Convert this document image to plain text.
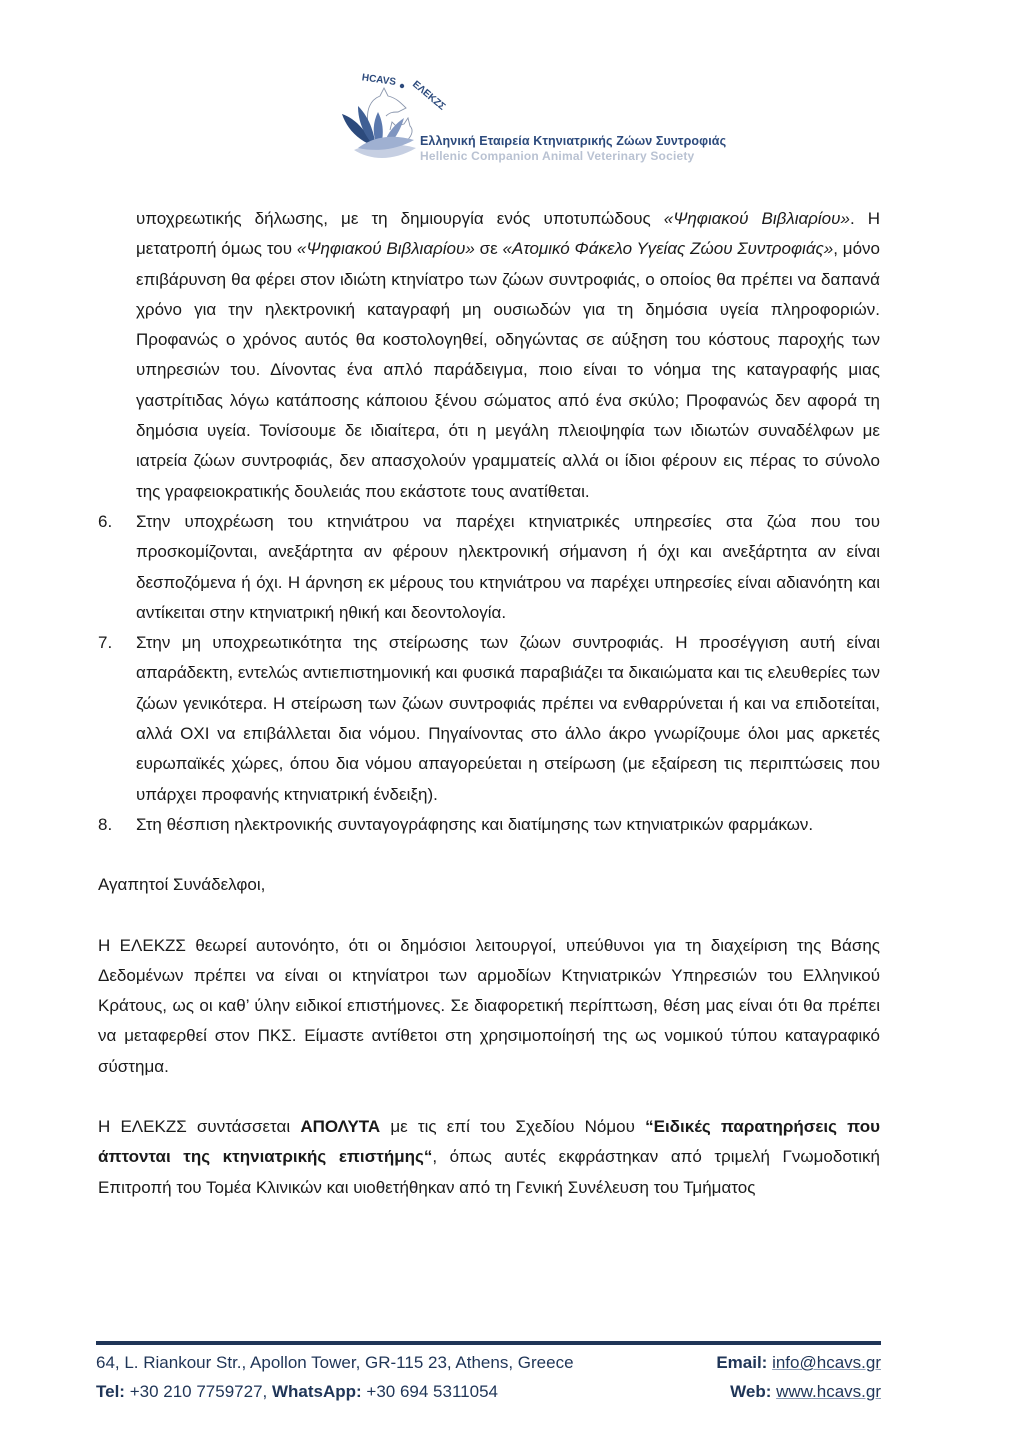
HCAVS ΕΛΕΚΖΣ
Ελληνική Εταιρεία Κτηνιατρικής Ζώων Συντροφιάς
Hellenic Companion Animal Veterinary Society

υποχρεωτικής δήλωσης, με τη δημιουργία ενός υποτυπώδους «Ψηφιακού Βιβλιαρίου». Η μετατροπή όμως του «Ψηφιακού Βιβλιαρίου» σε «Ατομικό Φάκελο Υγείας Ζώου Συντροφιάς», μόνο επιβάρυνση θα φέρει στον ιδιώτη κτηνίατρο των ζώων συντροφιάς, ο οποίος θα πρέπει να δαπανά χρόνο για την ηλεκτρονική καταγραφή μη ουσιωδών για τη δημόσια υγεία πληροφοριών. Προφανώς ο χρόνος αυτός θα κοστολογηθεί, οδηγώντας σε αύξηση του κόστους παροχής των υπηρεσιών του. Δίνοντας ένα απλό παράδειγμα, ποιο είναι το νόημα της καταγραφής μιας γαστρίτιδας λόγω κατάποσης κάποιου ξένου σώματος από ένα σκύλο; Προφανώς δεν αφορά τη δημόσια υγεία. Τονίσουμε δε ιδιαίτερα, ότι η μεγάλη πλειοψηφία των ιδιωτών συναδέλφων με ιατρεία ζώων συντροφιάς, δεν απασχολούν γραμματείς αλλά οι ίδιοι φέρουν εις πέρας το σύνολο της γραφειοκρατικής δουλειάς που εκάστοτε τους ανατίθεται.

6. Στην υποχρέωση του κτηνιάτρου να παρέχει κτηνιατρικές υπηρεσίες στα ζώα που του προσκομίζονται, ανεξάρτητα αν φέρουν ηλεκτρονική σήμανση ή όχι και ανεξάρτητα αν είναι δεσποζόμενα ή όχι. Η άρνηση εκ μέρους του κτηνιάτρου να παρέχει υπηρεσίες είναι αδιανόητη και αντίκειται στην κτηνιατρική ηθική και δεοντολογία.

7. Στην μη υποχρεωτικότητα της στείρωσης των ζώων συντροφιάς. Η προσέγγιση αυτή είναι απαράδεκτη, εντελώς αντιεπιστημονική και φυσικά παραβιάζει τα δικαιώματα και τις ελευθερίες των ζώων γενικότερα. Η στείρωση των ζώων συντροφιάς πρέπει να ενθαρρύνεται ή και να επιδοτείται, αλλά ΟΧΙ να επιβάλλεται δια νόμου. Πηγαίνοντας στο άλλο άκρο γνωρίζουμε όλοι μας αρκετές ευρωπαϊκές χώρες, όπου δια νόμου απαγορεύεται η στείρωση (με εξαίρεση τις περιπτώσεις που υπάρχει προφανής κτηνιατρική ένδειξη).

8. Στη θέσπιση ηλεκτρονικής συνταγογράφησης και διατίμησης των κτηνιατρικών φαρμάκων.

Αγαπητοί Συνάδελφοι,

Η ΕΛΕΚΖΣ θεωρεί αυτονόητο, ότι οι δημόσιοι λειτουργοί, υπεύθυνοι για τη διαχείριση της Βάσης Δεδομένων πρέπει να είναι οι κτηνίατροι των αρμοδίων Κτηνιατρικών Υπηρεσιών του Ελληνικού Κράτους, ως οι καθ’ ύλην ειδικοί επιστήμονες. Σε διαφορετική περίπτωση, θέση μας είναι ότι θα πρέπει να μεταφερθεί στον ΠΚΣ. Είμαστε αντίθετοι στη χρησιμοποίησή της ως νομικού τύπου καταγραφικό σύστημα.

Η ΕΛΕΚΖΣ συντάσσεται ΑΠΟΛΥΤΑ με τις επί του Σχεδίου Νόμου “Ειδικές παρατηρήσεις που άπτονται της κτηνιατρικής επιστήμης“, όπως αυτές εκφράστηκαν από τριμελή Γνωμοδοτική Επιτροπή του Τομέα Κλινικών και υιοθετήθηκαν από τη Γενική Συνέλευση του Τμήματος

64, L. Riankour Str., Apollon Tower, GR-115 23, Athens, Greece	Email: info@hcavs.gr
Tel: +30 210 7759727, WhatsApp: +30 694 5311054	Web: www.hcavs.gr
